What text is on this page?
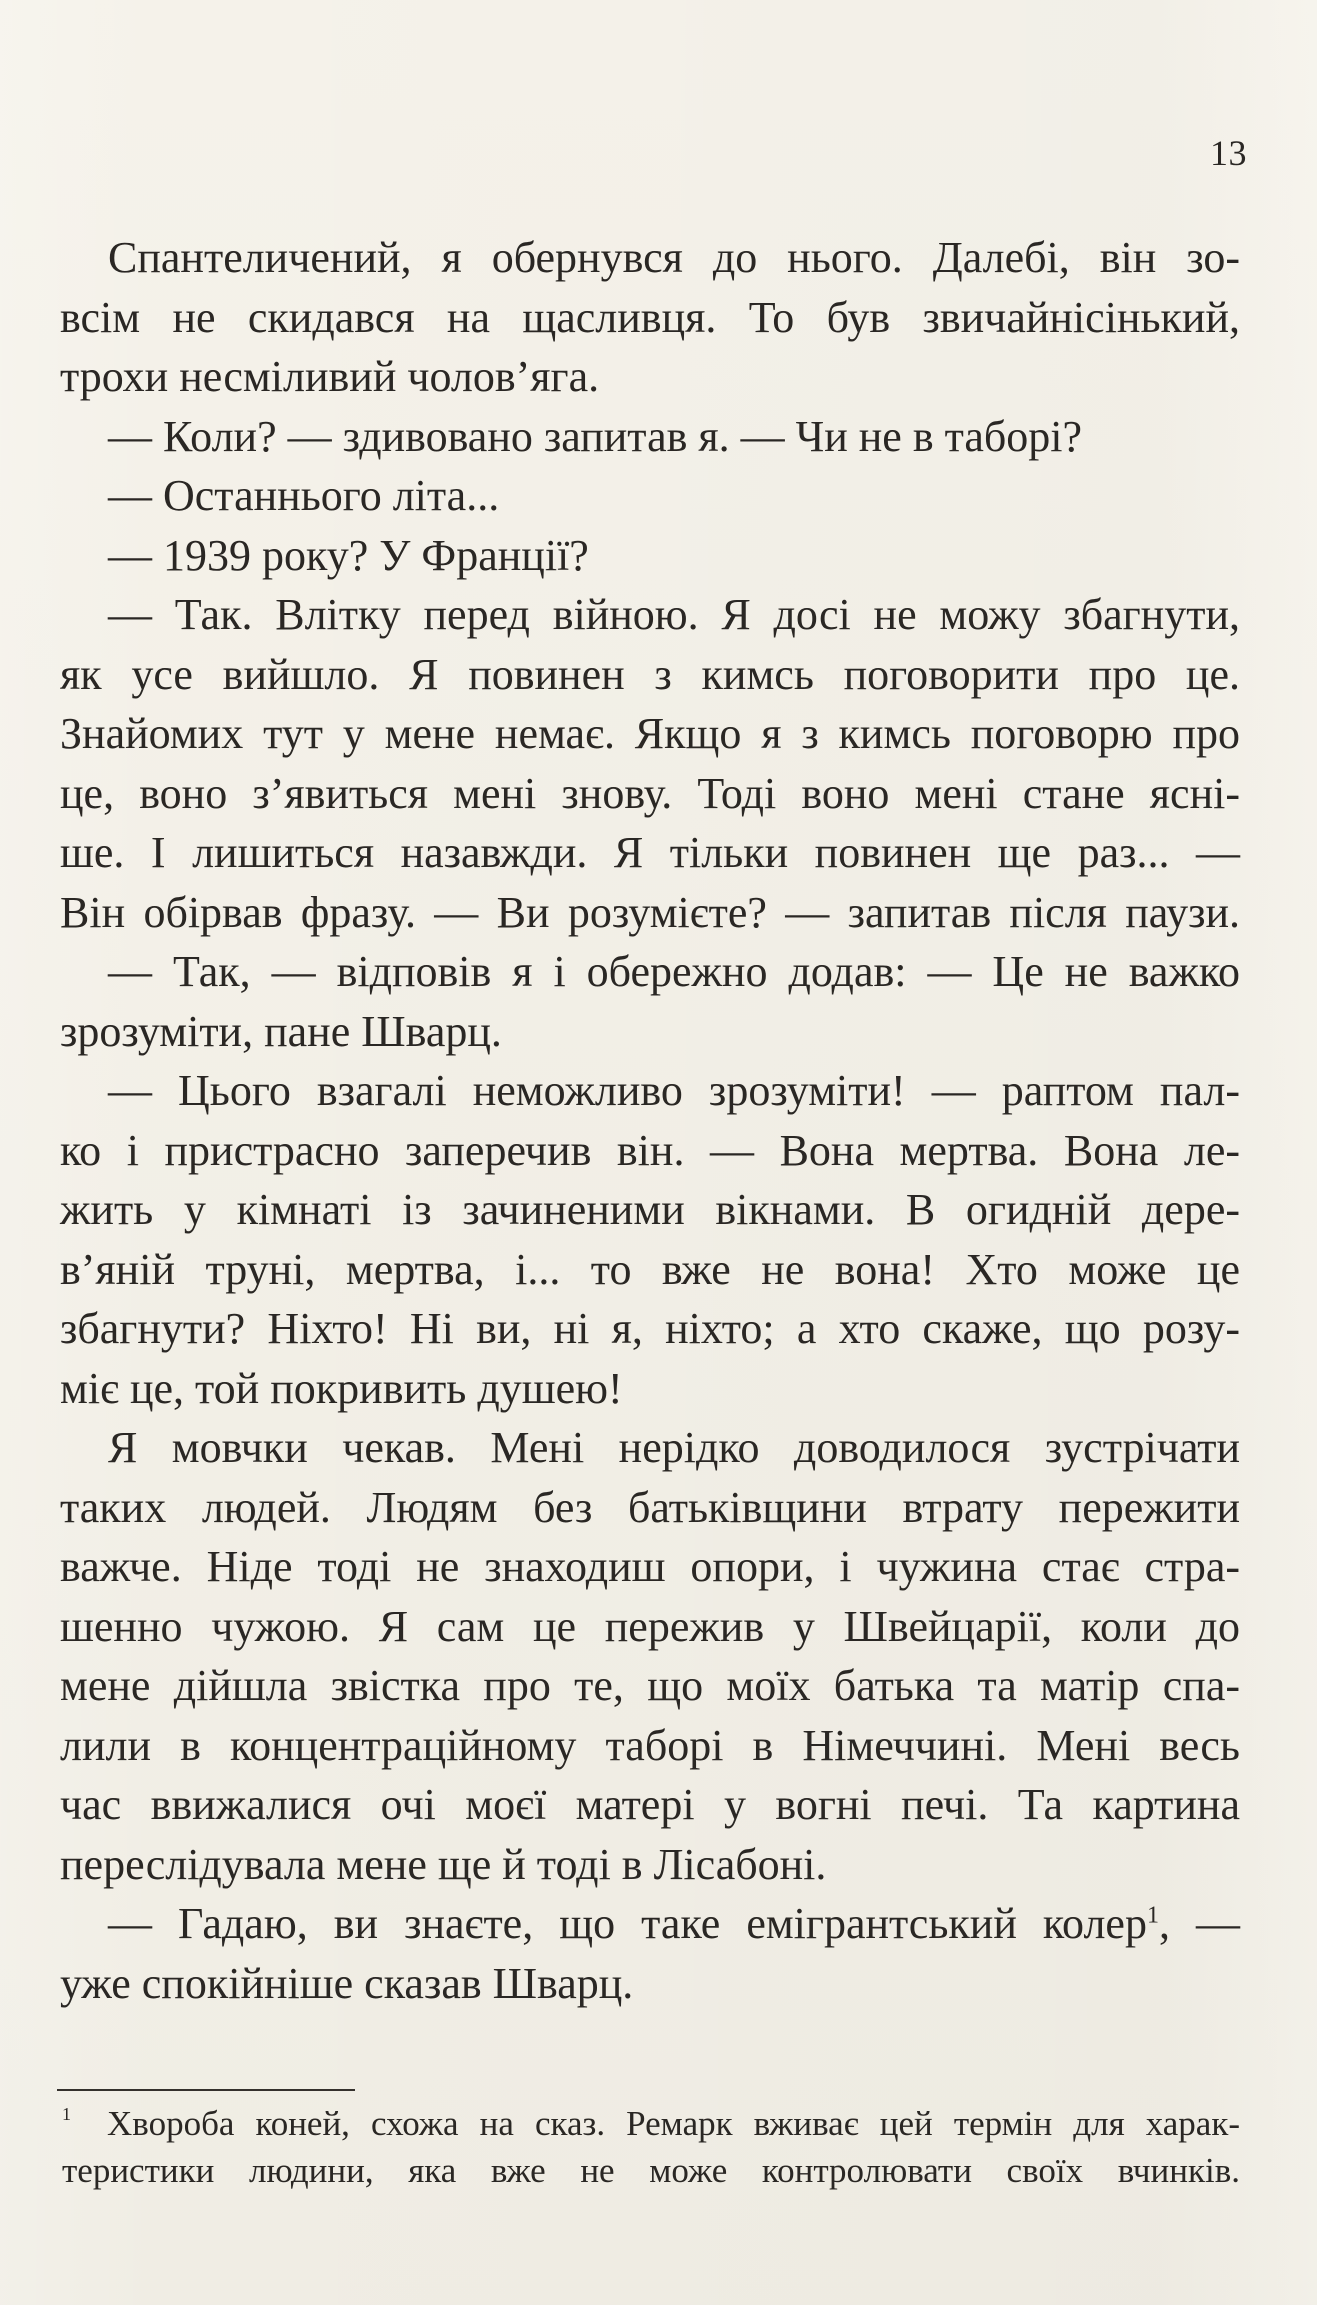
13
Спантеличений, я обернувся до нього. Далебі, він зо-
всім не скидався на щасливця. То був звичайнісінький,
трохи несміливий чолов’яга.
— Коли? — здивовано запитав я. — Чи не в таборі?
— Останнього літа...
— 1939 року? У Франції?
— Так. Влітку перед війною. Я досі не можу збагнути,
як усе вийшло. Я повинен з кимсь поговорити про це.
Знайомих тут у мене немає. Якщо я з кимсь поговорю про
це, воно з’явиться мені знову. Тоді воно мені стане ясні-
ше. І лишиться назавжди. Я тільки повинен ще раз... —
Він обірвав фразу. — Ви розумієте? — запитав після паузи.
— Так, — відповів я і обережно додав: — Це не важко
зрозуміти, пане Шварц.
— Цього взагалі неможливо зрозуміти! — раптом пал-
ко і пристрасно заперечив він. — Вона мертва. Вона ле-
жить у кімнаті із зачиненими вікнами. В огидній дере-
в’яній труні, мертва, і... то вже не вона! Хто може це
збагнути? Ніхто! Ні ви, ні я, ніхто; а хто скаже, що розу-
міє це, той покривить душею!
Я мовчки чекав. Мені нерідко доводилося зустрічати
таких людей. Людям без батьківщини втрату пережити
важче. Ніде тоді не знаходиш опори, і чужина стає стра-
шенно чужою. Я сам це пережив у Швейцарії, коли до
мене дійшла звістка про те, що моїх батька та матір спа-
лили в концентраційному таборі в Німеччині. Мені весь
час ввижалися очі моєї матері у вогні печі. Та картина
переслідувала мене ще й тоді в Лісабоні.
— Гадаю, ви знаєте, що таке емігрантський колер$^1$, —
уже спокійніше сказав Шварц.
1	Хвороба коней, схожа на сказ. Ремарк вживає цей термін для харак-
теристики людини, яка вже не може контролювати своїх вчинків.
